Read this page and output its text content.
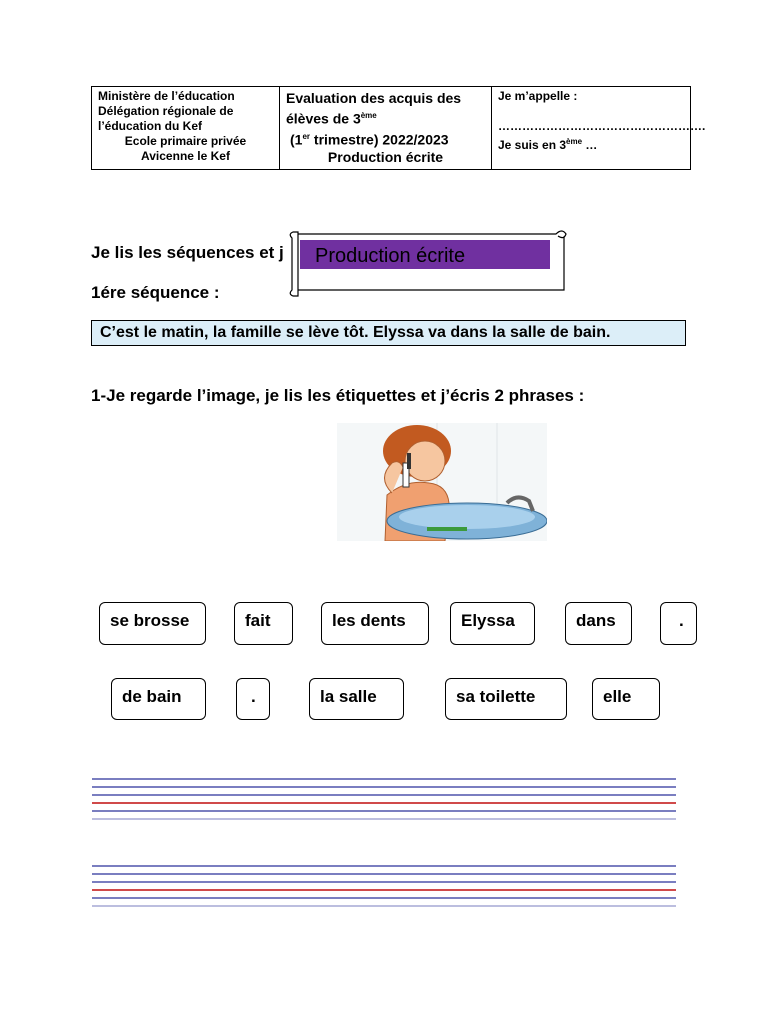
Ministère de l’éducation
Délégation régionale de
l’éducation du Kef
Ecole primaire privée
Avicenne le Kef
Evaluation des acquis des
élèves de 3ème
(1er trimestre) 2022/2023
Production écrite
Je m’appelle :
…………………………………………….
Je suis en 3ème …
Je lis les séquences et j Production écrite
1ére séquence :
C’est le matin, la famille se lève tôt. Elyssa va dans la salle de bain.
1-Je regarde l’image, je lis les étiquettes et j’écris 2 phrases :
se brosse	fait	les dents	Elyssa	dans	.
de bain	.	la salle	sa toilette	elle
